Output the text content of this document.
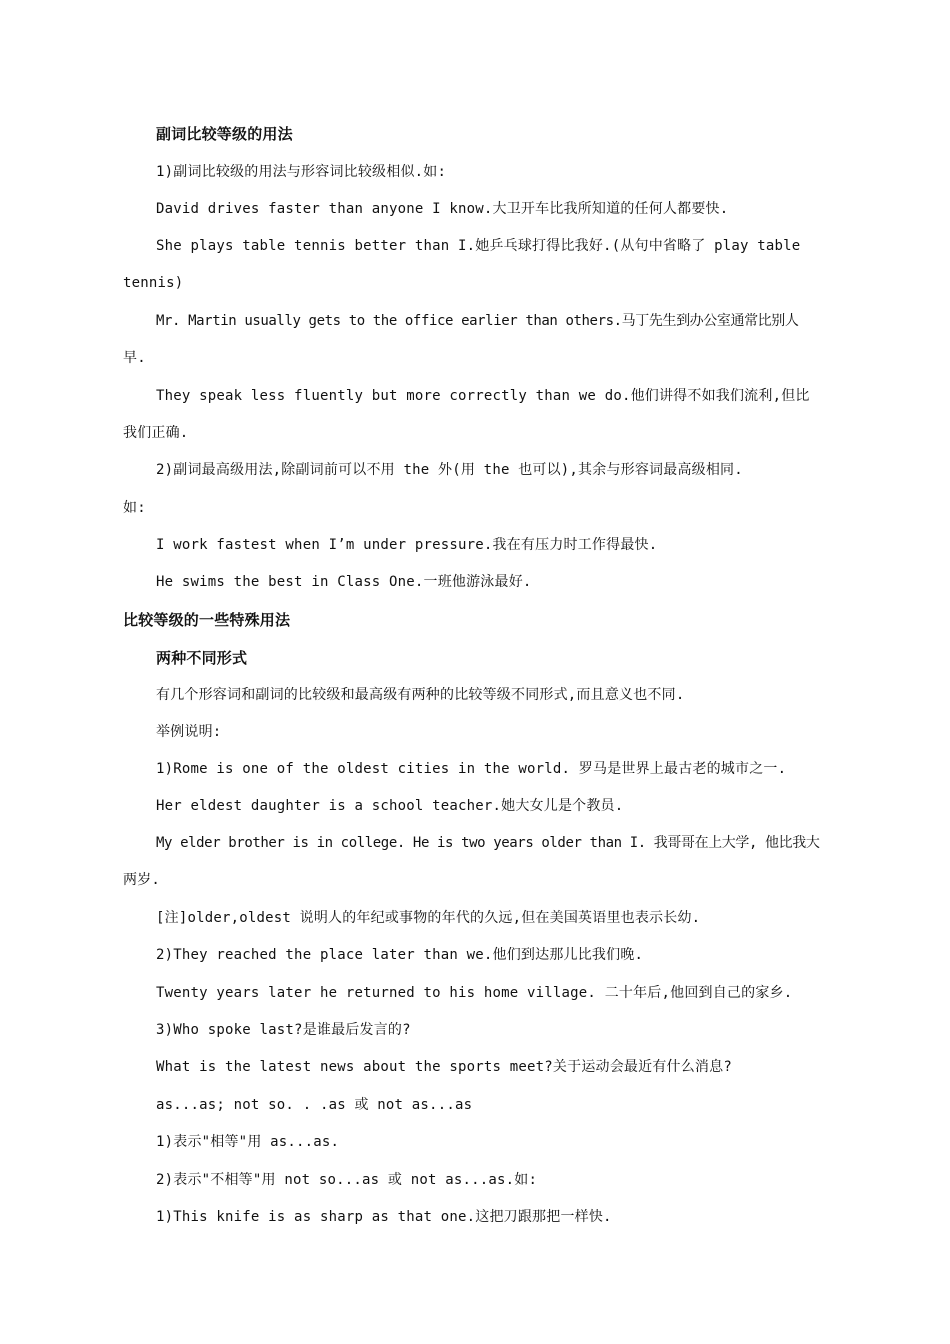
副词比较等级的用法
1)副词比较级的用法与形容词比较级相似.如:
David drives faster than anyone I know.大卫开车比我所知道的任何人都要快.
She plays table tennis better than I.她乒乓球打得比我好.(从句中省略了 play table
tennis)
Mr. Martin usually gets to the office earlier than others.马丁先生到办公室通常比别人
早.
They speak less fluently but more correctly than we do.他们讲得不如我们流利,但比
我们正确.
2)副词最高级用法,除副词前可以不用 the 外(用 the 也可以),其余与形容词最高级相同.
如:
I work fastest when I’m under pressure.我在有压力时工作得最快.
He swims the best in Class One.一班他游泳最好.
比较等级的一些特殊用法
两种不同形式
有几个形容词和副词的比较级和最高级有两种的比较等级不同形式,而且意义也不同.
举例说明:
1)Rome is one of the oldest cities in the world. 罗马是世界上最古老的城市之一.
Her eldest daughter is a school teacher.她大女儿是个教员.
My elder brother is in college. He is two years older than I. 我哥哥在上大学, 他比我大
两岁.
[注]older,oldest 说明人的年纪或事物的年代的久远,但在美国英语里也表示长幼.
2)They reached the place later than we.他们到达那儿比我们晚.
Twenty years later he returned to his home village. 二十年后,他回到自己的家乡.
3)Who spoke last?是谁最后发言的?
What is the latest news about the sports meet?关于运动会最近有什么消息?
as...as; not so. . .as 或 not as...as
1)表示"相等"用 as...as.
2)表示"不相等"用 not so...as 或 not as...as.如:
1)This knife is as sharp as that one.这把刀跟那把一样快.
